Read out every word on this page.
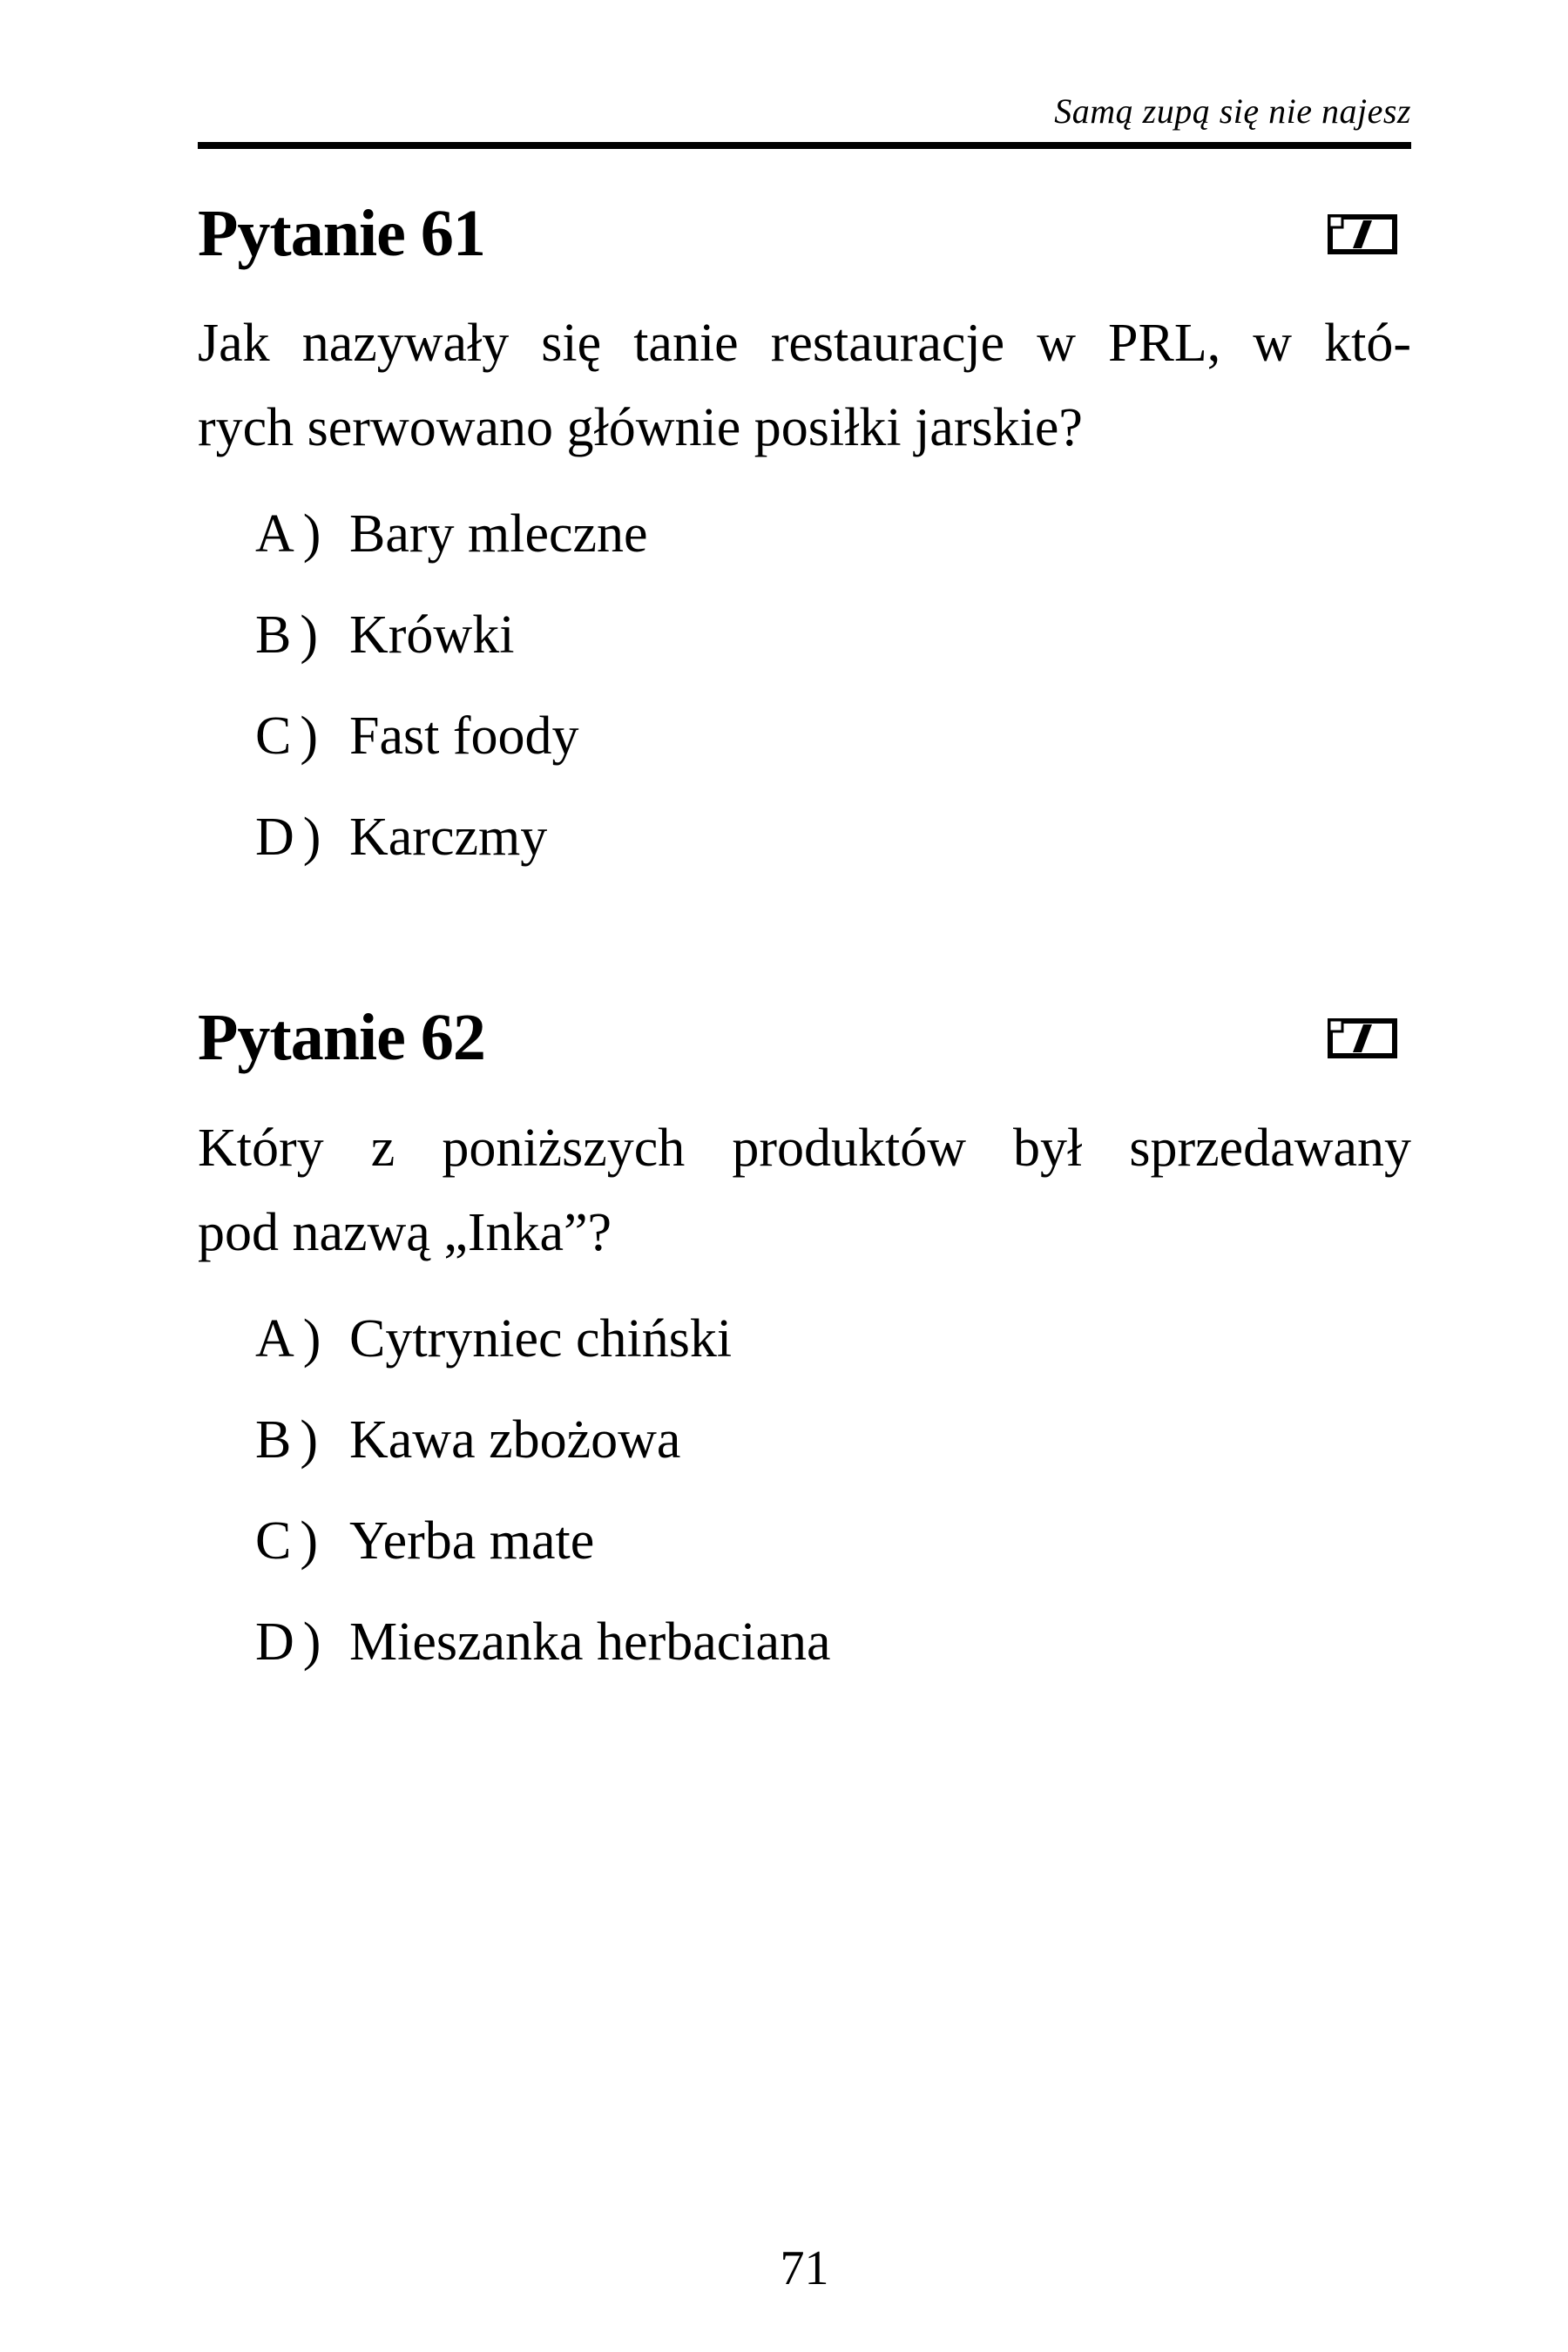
Samą zupą się nie najesz
Pytanie 61
Jak nazywały się tanie restauracje w PRL, w któ-
rych serwowano głównie posiłki jarskie?
A ) Bary mleczne
B ) Krówki
C ) Fast foody
D ) Karczmy
Pytanie 62
Który z poniższych produktów był sprzedawany
pod nazwą „Inka”?
A ) Cytryniec chiński
B ) Kawa zbożowa
C ) Yerba mate
D ) Mieszanka herbaciana
71
